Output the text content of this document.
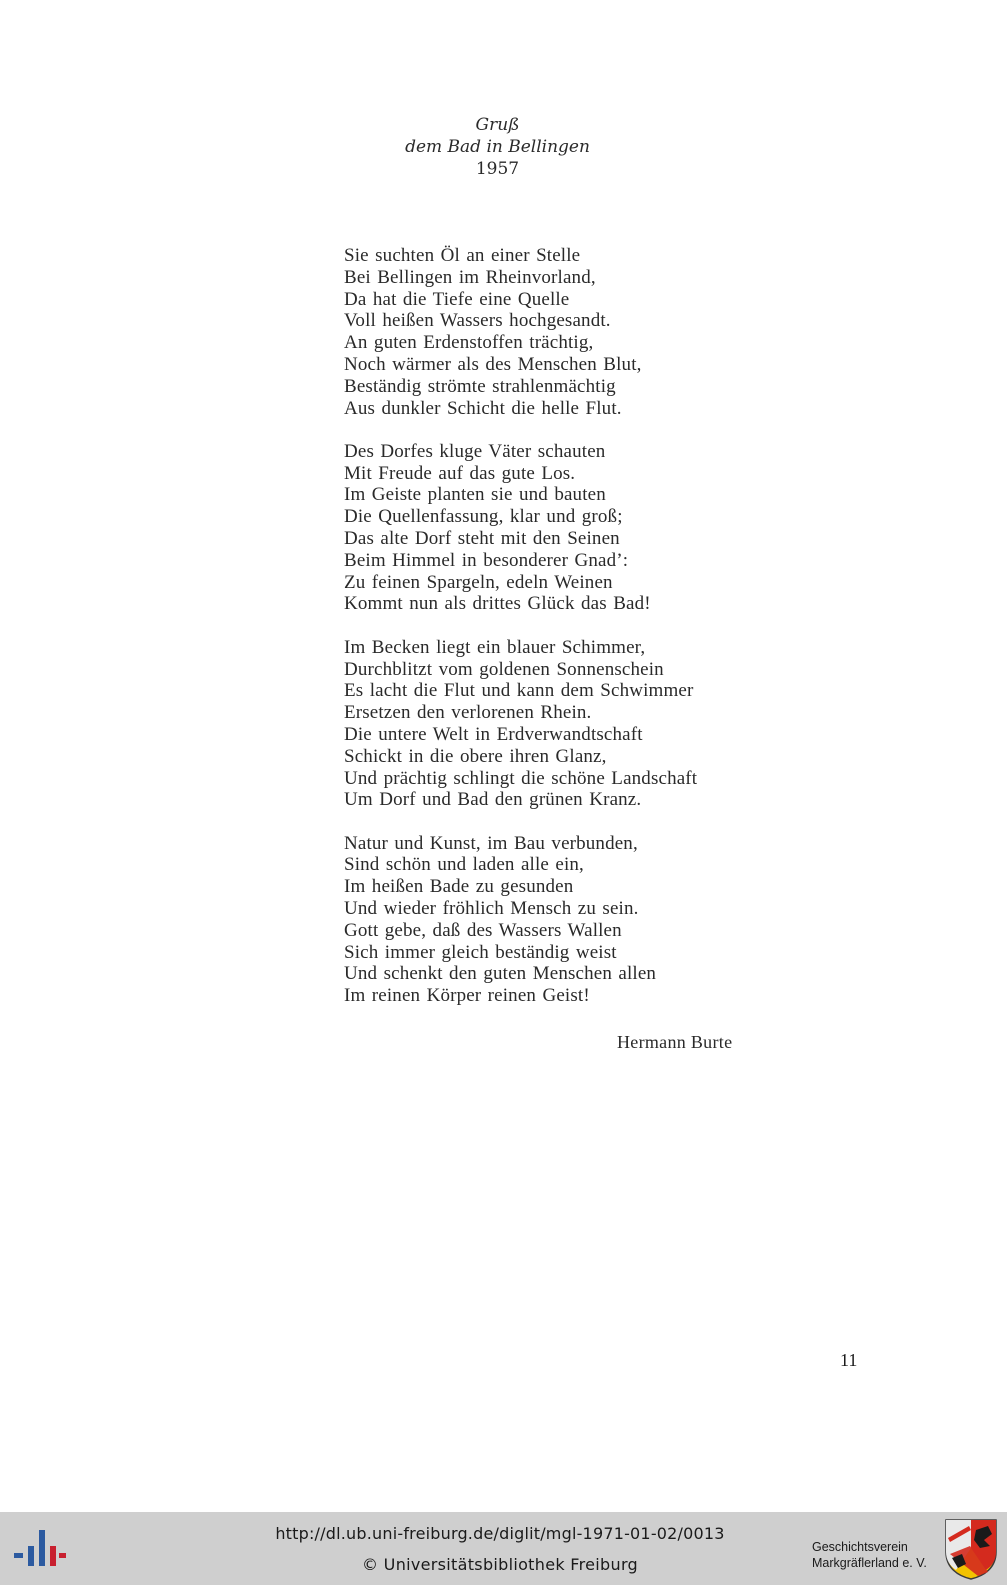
Gruß
dem Bad in Bellingen
1957
Sie suchten Öl an einer Stelle
Bei Bellingen im Rheinvorland,
Da hat die Tiefe eine Quelle
Voll heißen Wassers hochgesandt.
An guten Erdenstoffen trächtig,
Noch wärmer als des Menschen Blut,
Beständig strömte strahlenmächtig
Aus dunkler Schicht die helle Flut.
Des Dorfes kluge Väter schauten
Mit Freude auf das gute Los.
Im Geiste planten sie und bauten
Die Quellenfassung, klar und groß;
Das alte Dorf steht mit den Seinen
Beim Himmel in besonderer Gnad’:
Zu feinen Spargeln, edeln Weinen
Kommt nun als drittes Glück das Bad!
Im Becken liegt ein blauer Schimmer,
Durchblitzt vom goldenen Sonnenschein
Es lacht die Flut und kann dem Schwimmer
Ersetzen den verlorenen Rhein.
Die untere Welt in Erdverwandtschaft
Schickt in die obere ihren Glanz,
Und prächtig schlingt die schöne Landschaft
Um Dorf und Bad den grünen Kranz.
Natur und Kunst, im Bau verbunden,
Sind schön und laden alle ein,
Im heißen Bade zu gesunden
Und wieder fröhlich Mensch zu sein.
Gott gebe, daß des Wassers Wallen
Sich immer gleich beständig weist
Und schenkt den guten Menschen allen
Im reinen Körper reinen Geist!
Hermann Burte
11
http://dl.ub.uni-freiburg.de/diglit/mgl-1971-01-02/0013
© Universitätsbibliothek Freiburg
Geschichtsverein
Markgräflerland e. V.
